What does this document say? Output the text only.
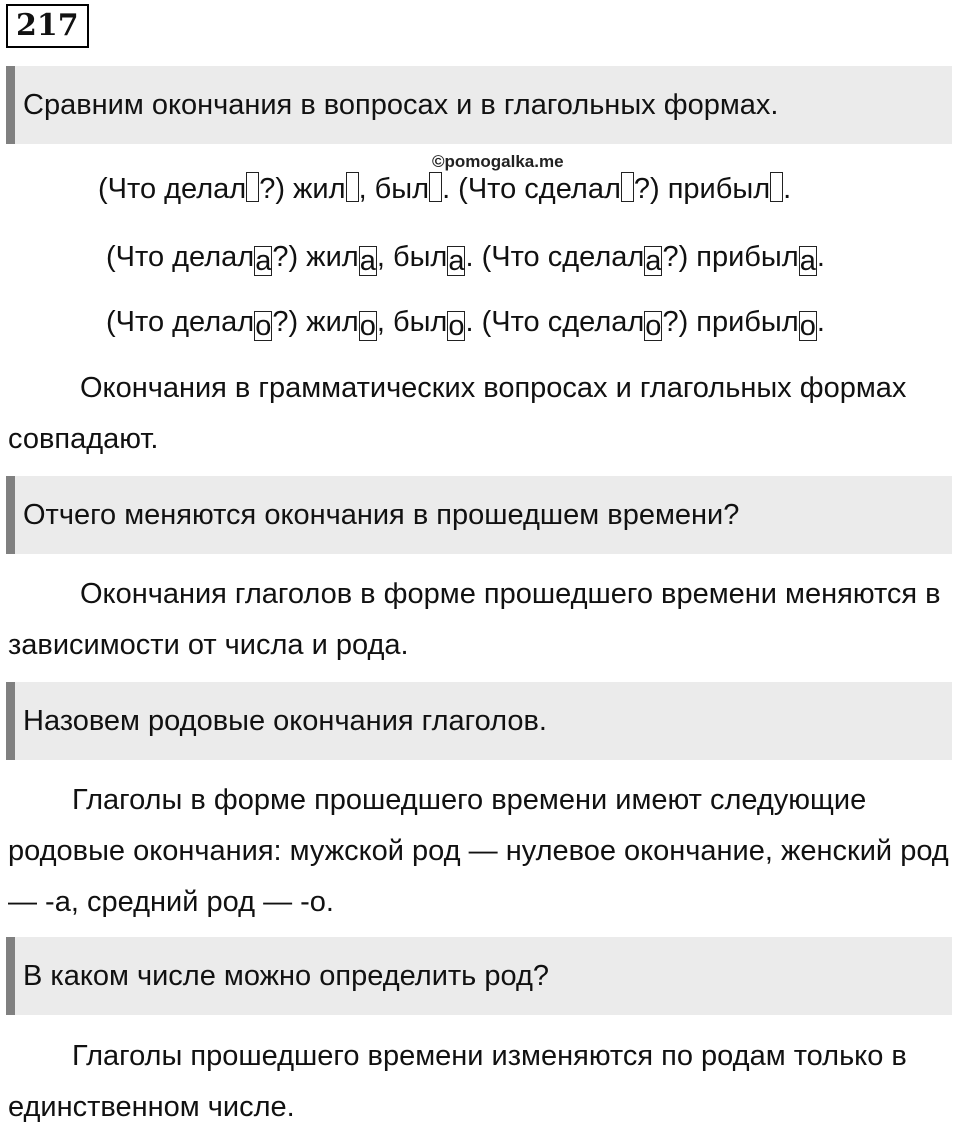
217
Сравним окончания в вопросах и в глагольных формах.
©pomogalka.me
(Что делал ?) жил , был . (Что сделал ?) прибыл .
(Что делала?) жила, была. (Что сделала?) прибыла.
(Что делало?) жило, было. (Что сделало?) прибыло.

Окончания в грамматических вопросах и глагольных формах совпадают.

Отчего меняются окончания в прошедшем времени?

Окончания глаголов в форме прошедшего времени меняются в зависимости от числа и рода.

Назовем родовые окончания глаголов.

Глаголы в форме прошедшего времени имеют следующие родовые окончания: мужской род — нулевое окончание, женский род — -а, средний род — -о.

В каком числе можно определить род?

Глаголы прошедшего времени изменяются по родам только в единственном числе.
